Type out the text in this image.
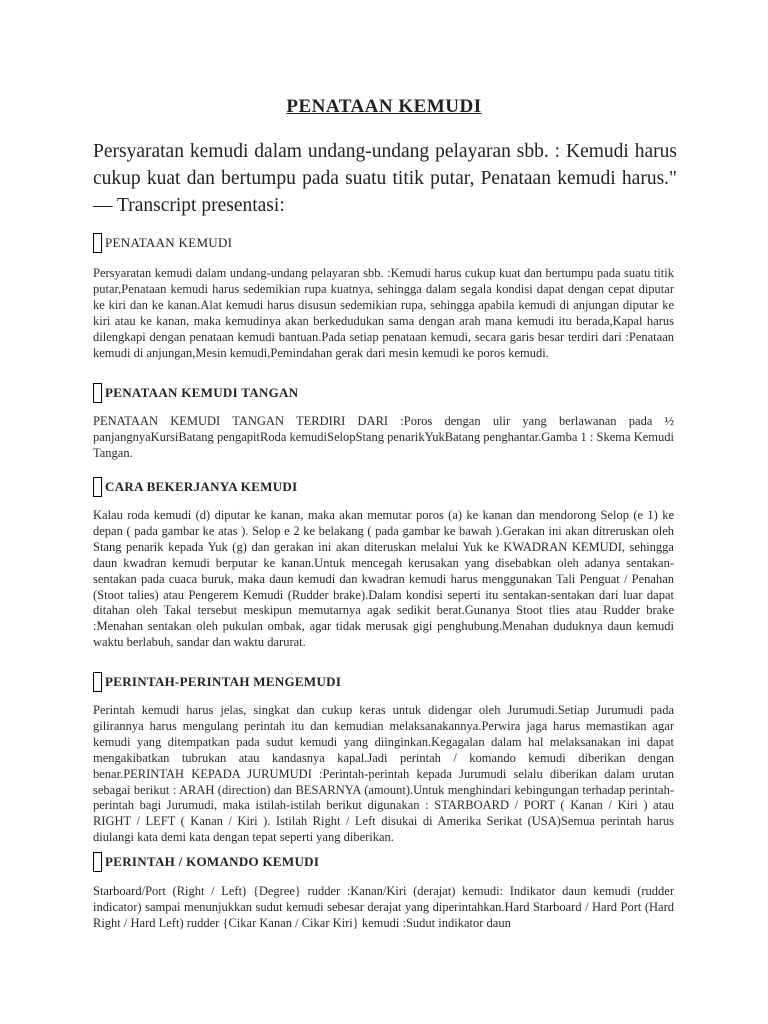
PENATAAN KEMUDI
Persyaratan kemudi dalam undang-undang pelayaran sbb. : Kemudi harus cukup kuat dan bertumpu pada suatu titik putar, Penataan kemudi harus." — Transcript presentasi:
PENATAAN KEMUDI
Persyaratan kemudi dalam undang-undang pelayaran sbb. :Kemudi harus cukup kuat dan bertumpu pada suatu titik putar,Penataan kemudi harus sedemikian rupa kuatnya, sehingga dalam segala kondisi dapat dengan cepat diputar ke kiri dan ke kanan.Alat kemudi harus disusun sedemikian rupa, sehingga apabila kemudi di anjungan diputar ke kiri atau ke kanan, maka kemudinya akan berkedudukan sama dengan arah mana kemudi itu berada,Kapal harus dilengkapi dengan penataan kemudi bantuan.Pada setiap penataan kemudi, secara garis besar terdiri dari :Penataan kemudi di anjungan,Mesin kemudi,Pemindahan gerak dari mesin kemudi ke poros kemudi.
PENATAAN KEMUDI TANGAN
PENATAAN KEMUDI TANGAN TERDIRI DARI :Poros dengan ulir yang berlawanan pada ½ panjangnyaKursiBatang pengapitRoda kemudiSelopStang penarikYukBatang penghantar.Gamba 1 : Skema Kemudi Tangan.
CARA BEKERJANYA KEMUDI
Kalau roda kemudi (d) diputar ke kanan, maka akan memutar poros (a) ke kanan dan mendorong Selop (e 1) ke depan ( pada gambar ke atas ). Selop e 2 ke belakang ( pada gambar ke bawah ).Gerakan ini akan ditreruskan oleh Stang penarik kepada Yuk (g) dan gerakan ini akan diteruskan melalui Yuk ke KWADRAN KEMUDI, sehingga daun kwadran kemudi berputar ke kanan.Untuk mencegah kerusakan yang disebabkan oleh adanya sentakan-sentakan pada cuaca buruk, maka daun kemudi dan kwadran kemudi harus menggunakan Tali Penguat / Penahan (Stoot talies) atau Pengerem Kemudi (Rudder brake).Dalam kondisi seperti itu sentakan-sentakan dari luar dapat ditahan oleh Takal tersebut meskipun memutarnya agak sedikit berat.Gunanya Stoot tlies atau Rudder brake :Menahan sentakan oleh pukulan ombak, agar tidak merusak gigi penghubung.Menahan duduknya daun kemudi waktu berlabuh, sandar dan waktu darurat.
PERINTAH-PERINTAH MENGEMUDI
Perintah kemudi harus jelas, singkat dan cukup keras untuk didengar oleh Jurumudi.Setiap Jurumudi pada gilirannya harus mengulang perintah itu dan kemudian melaksanakannya.Perwira jaga harus memastikan agar kemudi yang ditempatkan pada sudut kemudi yang diinginkan.Kegagalan dalam hal melaksanakan ini dapat mengakibatkan tubrukan atau kandasnya kapal.Jadi perintah / komando kemudi diberikan dengan benar.PERINTAH KEPADA JURUMUDI :Perintah-perintah kepada Jurumudi selalu diberikan dalam urutan sebagai berikut : ARAH (direction) dan BESARNYA (amount).Untuk menghindari kebingungan terhadap perintah-perintah bagi Jurumudi, maka istilah-istilah berikut digunakan : STARBOARD / PORT ( Kanan / Kiri ) atau RIGHT / LEFT ( Kanan / Kiri ). Istilah Right / Left disukai di Amerika Serikat (USA)Semua perintah harus diulangi kata demi kata dengan tepat seperti yang diberikan.
PERINTAH / KOMANDO KEMUDI
Starboard/Port (Right / Left) {Degree} rudder :Kanan/Kiri (derajat) kemudi: Indikator daun kemudi (rudder indicator) sampai menunjukkan sudut kemudi sebesar derajat yang diperintahkan.Hard Starboard / Hard Port (Hard Right / Hard Left) rudder {Cikar Kanan / Cikar Kiri} kemudi :Sudut indikator daun
